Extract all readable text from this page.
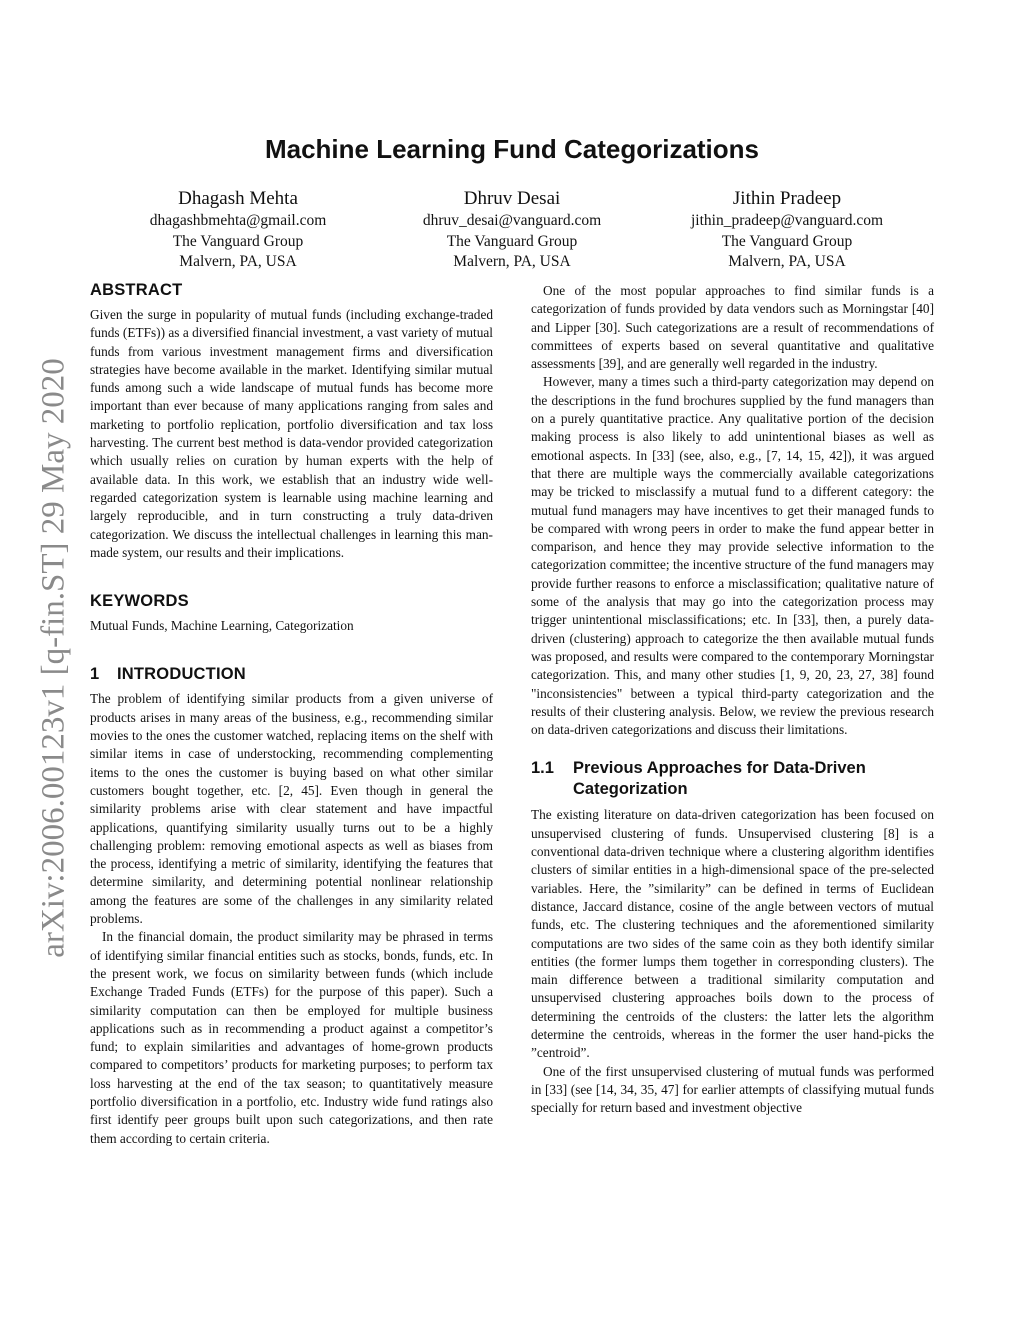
Machine Learning Fund Categorizations
Dhagash Mehta
dhagashbmehta@gmail.com
The Vanguard Group
Malvern, PA, USA
Dhruv Desai
dhruv_desai@vanguard.com
The Vanguard Group
Malvern, PA, USA
Jithin Pradeep
jithin_pradeep@vanguard.com
The Vanguard Group
Malvern, PA, USA
arXiv:2006.00123v1 [q-fin.ST] 29 May 2020
ABSTRACT

Given the surge in popularity of mutual funds (including exchange-traded funds (ETFs)) as a diversified financial investment, a vast variety of mutual funds from various investment management firms and diversification strategies have become available in the market. Identifying similar mutual funds among such a wide landscape of mutual funds has become more important than ever because of many applications ranging from sales and marketing to portfolio replication, portfolio diversification and tax loss harvesting. The current best method is data-vendor provided categorization which usually relies on curation by human experts with the help of available data. In this work, we establish that an industry wide well-regarded categorization system is learnable using machine learning and largely reproducible, and in turn constructing a truly data-driven categorization. We discuss the intellectual challenges in learning this man-made system, our results and their implications.

KEYWORDS

Mutual Funds, Machine Learning, Categorization

1 INTRODUCTION

The problem of identifying similar products from a given universe of products arises in many areas of the business, e.g., recommending similar movies to the ones the customer watched, replacing items on the shelf with similar items in case of understocking, recommending complementing items to the ones the customer is buying based on what other similar customers bought together, etc. [2, 45]. Even though in general the similarity problems arise with clear statement and have impactful applications, quantifying similarity usually turns out to be a highly challenging problem: removing emotional aspects as well as biases from the process, identifying a metric of similarity, identifying the features that determine similarity, and determining potential nonlinear relationship among the features are some of the challenges in any similarity related problems.

In the financial domain, the product similarity may be phrased in terms of identifying similar financial entities such as stocks, bonds, funds, etc. In the present work, we focus on similarity between funds (which include Exchange Traded Funds (ETFs) for the purpose of this paper). Such a similarity computation can then be employed for multiple business applications such as in recommending a product against a competitor’s fund; to explain similarities and advantages of home-grown products compared to competitors’ products for marketing purposes; to perform tax loss harvesting at the end of the tax season; to quantitatively measure portfolio diversification in a portfolio, etc. Industry wide fund ratings also first identify peer groups built upon such categorizations, and then rate them according to certain criteria.

One of the most popular approaches to find similar funds is a categorization of funds provided by data vendors such as Morningstar [40] and Lipper [30]. Such categorizations are a result of recommendations of committees of experts based on several quantitative and qualitative assessments [39], and are generally well regarded in the industry.

However, many a times such a third-party categorization may depend on the descriptions in the fund brochures supplied by the fund managers than on a purely quantitative practice. Any qualitative portion of the decision making process is also likely to add unintentional biases as well as emotional aspects. In [33] (see, also, e.g., [7, 14, 15, 42]), it was argued that there are multiple ways the commercially available categorizations may be tricked to misclassify a mutual fund to a different category: the mutual fund managers may have incentives to get their managed funds to be compared with wrong peers in order to make the fund appear better in comparison, and hence they may provide selective information to the categorization committee; the incentive structure of the fund managers may provide further reasons to enforce a misclassification; qualitative nature of some of the analysis that may go into the categorization process may trigger unintentional misclassifications; etc. In [33], then, a purely data-driven (clustering) approach to categorize the then available mutual funds was proposed, and results were compared to the contemporary Morningstar categorization. This, and many other studies [1, 9, 20, 23, 27, 38] found "inconsistencies" between a typical third-party categorization and the results of their clustering analysis. Below, we review the previous research on data-driven categorizations and discuss their limitations.

1.1	Previous Approaches for Data-Driven
Categorization

The existing literature on data-driven categorization has been focused on unsupervised clustering of funds. Unsupervised clustering [8] is a conventional data-driven technique where a clustering algorithm identifies clusters of similar entities in a high-dimensional space of the pre-selected variables. Here, the ”similarity” can be defined in terms of Euclidean distance, Jaccard distance, cosine of the angle between vectors of mutual funds, etc. The clustering techniques and the aforementioned similarity computations are two sides of the same coin as they both identify similar entities (the former lumps them together in corresponding clusters). The main difference between a traditional similarity computation and unsupervised clustering approaches boils down to the process of determining the centroids of the clusters: the latter lets the algorithm determine the centroids, whereas in the former the user hand-picks the ”centroid”.

One of the first unsupervised clustering of mutual funds was performed in [33] (see [14, 34, 35, 47] for earlier attempts of classifying mutual funds specially for return based and investment objective
